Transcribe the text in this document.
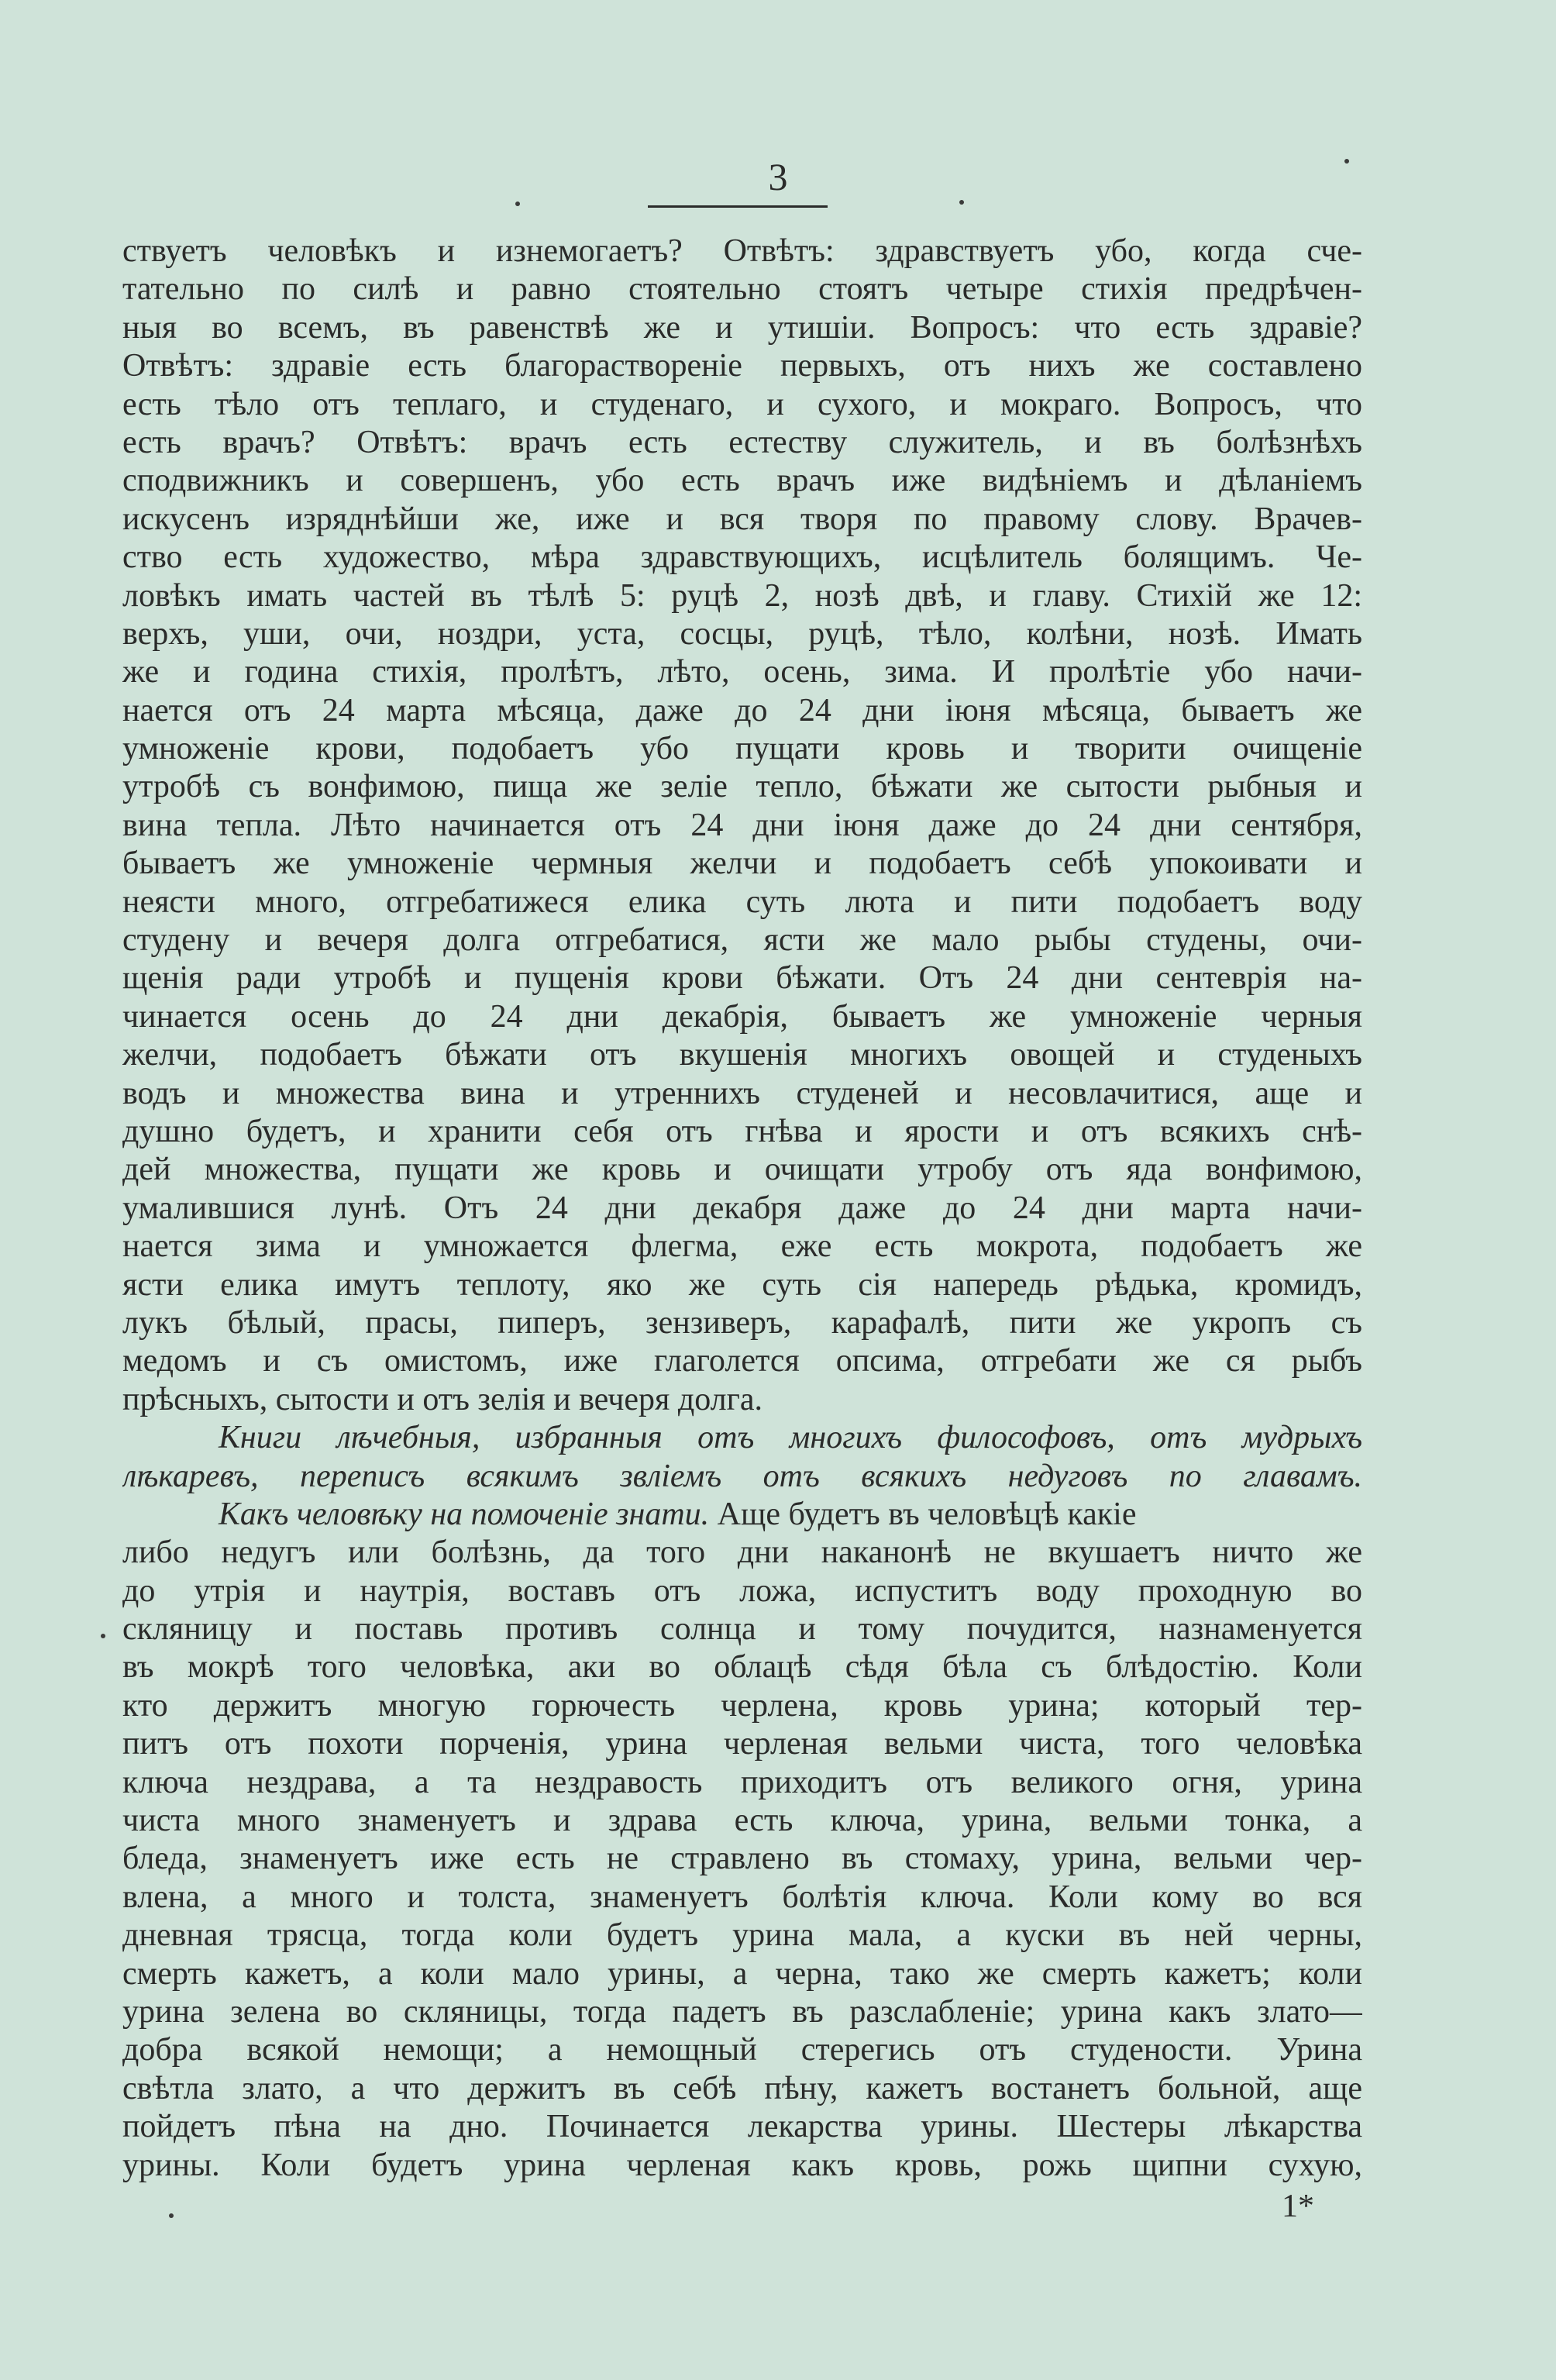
3
ствуетъ человѣкъ и изнемогаетъ? Отвѣтъ: здравствуетъ убо, когда сче-
тательно по силѣ и равно стоятельно стоятъ четыре стихія предрѣчен-
ныя во всемъ, въ равенствѣ же и утишіи. Вопросъ: что есть здравіе?
Отвѣтъ: здравіе есть благораствореніе первыхъ, отъ нихъ же составлено
есть тѣло отъ теплаго, и студенаго, и сухого, и мокраго. Вопросъ, что
есть врачъ? Отвѣтъ: врачъ есть естеству служитель, и въ болѣзнѣхъ
сподвижникъ и совершенъ, убо есть врачъ иже видѣніемъ и дѣланіемъ
искусенъ изряднѣйши же, иже и вся творя по правому слову. Врачев-
ство есть художество, мѣра здравствующихъ, исцѣлитель болящимъ. Че-
ловѣкъ имать частей въ тѣлѣ 5: руцѣ 2, нозѣ двѣ, и главу. Стихій же 12:
верхъ, уши, очи, ноздри, уста, сосцы, руцѣ, тѣло, колѣни, нозѣ. Имать
же и година стихія, пролѣтъ, лѣто, осень, зима. И пролѣтіе убо начи-
нается отъ 24 марта мѣсяца, даже до 24 дни іюня мѣсяца, бываетъ же
умноженіе крови, подобаетъ убо пущати кровь и творити очищеніе
утробѣ съ вонфимою, пища же зеліе тепло, бѣжати же сытости рыбныя и
вина тепла. Лѣто начинается отъ 24 дни іюня даже до 24 дни сентября,
бываетъ же умноженіе чермныя желчи и подобаетъ себѣ упокоивати и
неясти много, отгребатижеся елика суть люта и пити подобаетъ воду
студену и вечеря долга отгребатися, ясти же мало рыбы студены, очи-
щенія ради утробѣ и пущенія крови бѣжати. Отъ 24 дни сентеврія на-
чинается осень до 24 дни декабрія, бываетъ же умноженіе черныя
желчи, подобаетъ бѣжати отъ вкушенія многихъ овощей и студеныхъ
водъ и множества вина и утреннихъ студеней и несовлачитися, аще и
душно будетъ, и хранити себя отъ гнѣва и ярости и отъ всякихъ снѣ-
дей множества, пущати же кровь и очищати утробу отъ яда вонфимою,
умалившися лунѣ. Отъ 24 дни декабря даже до 24 дни марта начи-
нается зима и умножается флегма, еже есть мокрота, подобаетъ же
ясти елика имутъ теплоту, яко же суть сія напередь рѣдька, кромидъ,
лукъ бѣлый, прасы, пиперъ, зензиверъ, карафалѣ, пити же укропъ съ
медомъ и съ омистомъ, иже глаголется опсима, отгребати же ся рыбъ
прѣсныхъ, сытости и отъ зелія и вечеря долга.
Книги лѣчебныя, избранныя отъ многихъ философовъ, отъ мудрыхъ
лѣкаревъ, переписъ всякимъ звлiемъ отъ всякихъ недуговъ по главамъ.
Какъ человѣку на помоченіе знати. Аще будетъ въ человѣцѣ какіе
либо недугъ или болѣзнь, да того дни наканонѣ не вкушаетъ ничто же
до утрія и наутрія, воставъ отъ ложа, испуститъ воду проходную во
скляницу и поставь противъ солнца и тому почудится, назнаменуется
въ мокрѣ того человѣка, аки во облацѣ сѣдя бѣла съ блѣдостію. Коли
кто держитъ многую горючесть черлена, кровь урина; который тер-
питъ отъ похоти порченія, урина черленая вельми чиста, того человѣка
ключа нездрава, а та нездравость приходитъ отъ великого огня, урина
чиста много знаменуетъ и здрава есть ключа, урина, вельми тонка, а
бледа, знаменуетъ иже есть не стравлено въ стомаху, урина, вельми чер-
влена, а много и толста, знаменуетъ болѣтія ключа. Коли кому во вся
дневная трясца, тогда коли будетъ урина мала, а куски въ ней черны,
смерть кажетъ, а коли мало урины, а черна, тако же смерть кажетъ; коли
урина зелена во скляницы, тогда падетъ въ разслабленіе; урина какъ злато—
добра всякой немощи; а немощный стерегись отъ студености. Урина
свѣтла злато, а что держитъ въ себѣ пѣну, кажетъ востанетъ больной, аще
пойдетъ пѣна на дно. Починается лекарства урины. Шестеры лѣкарства
урины. Коли будетъ урина черленая какъ кровь, рожь щипни сухую,
1*
